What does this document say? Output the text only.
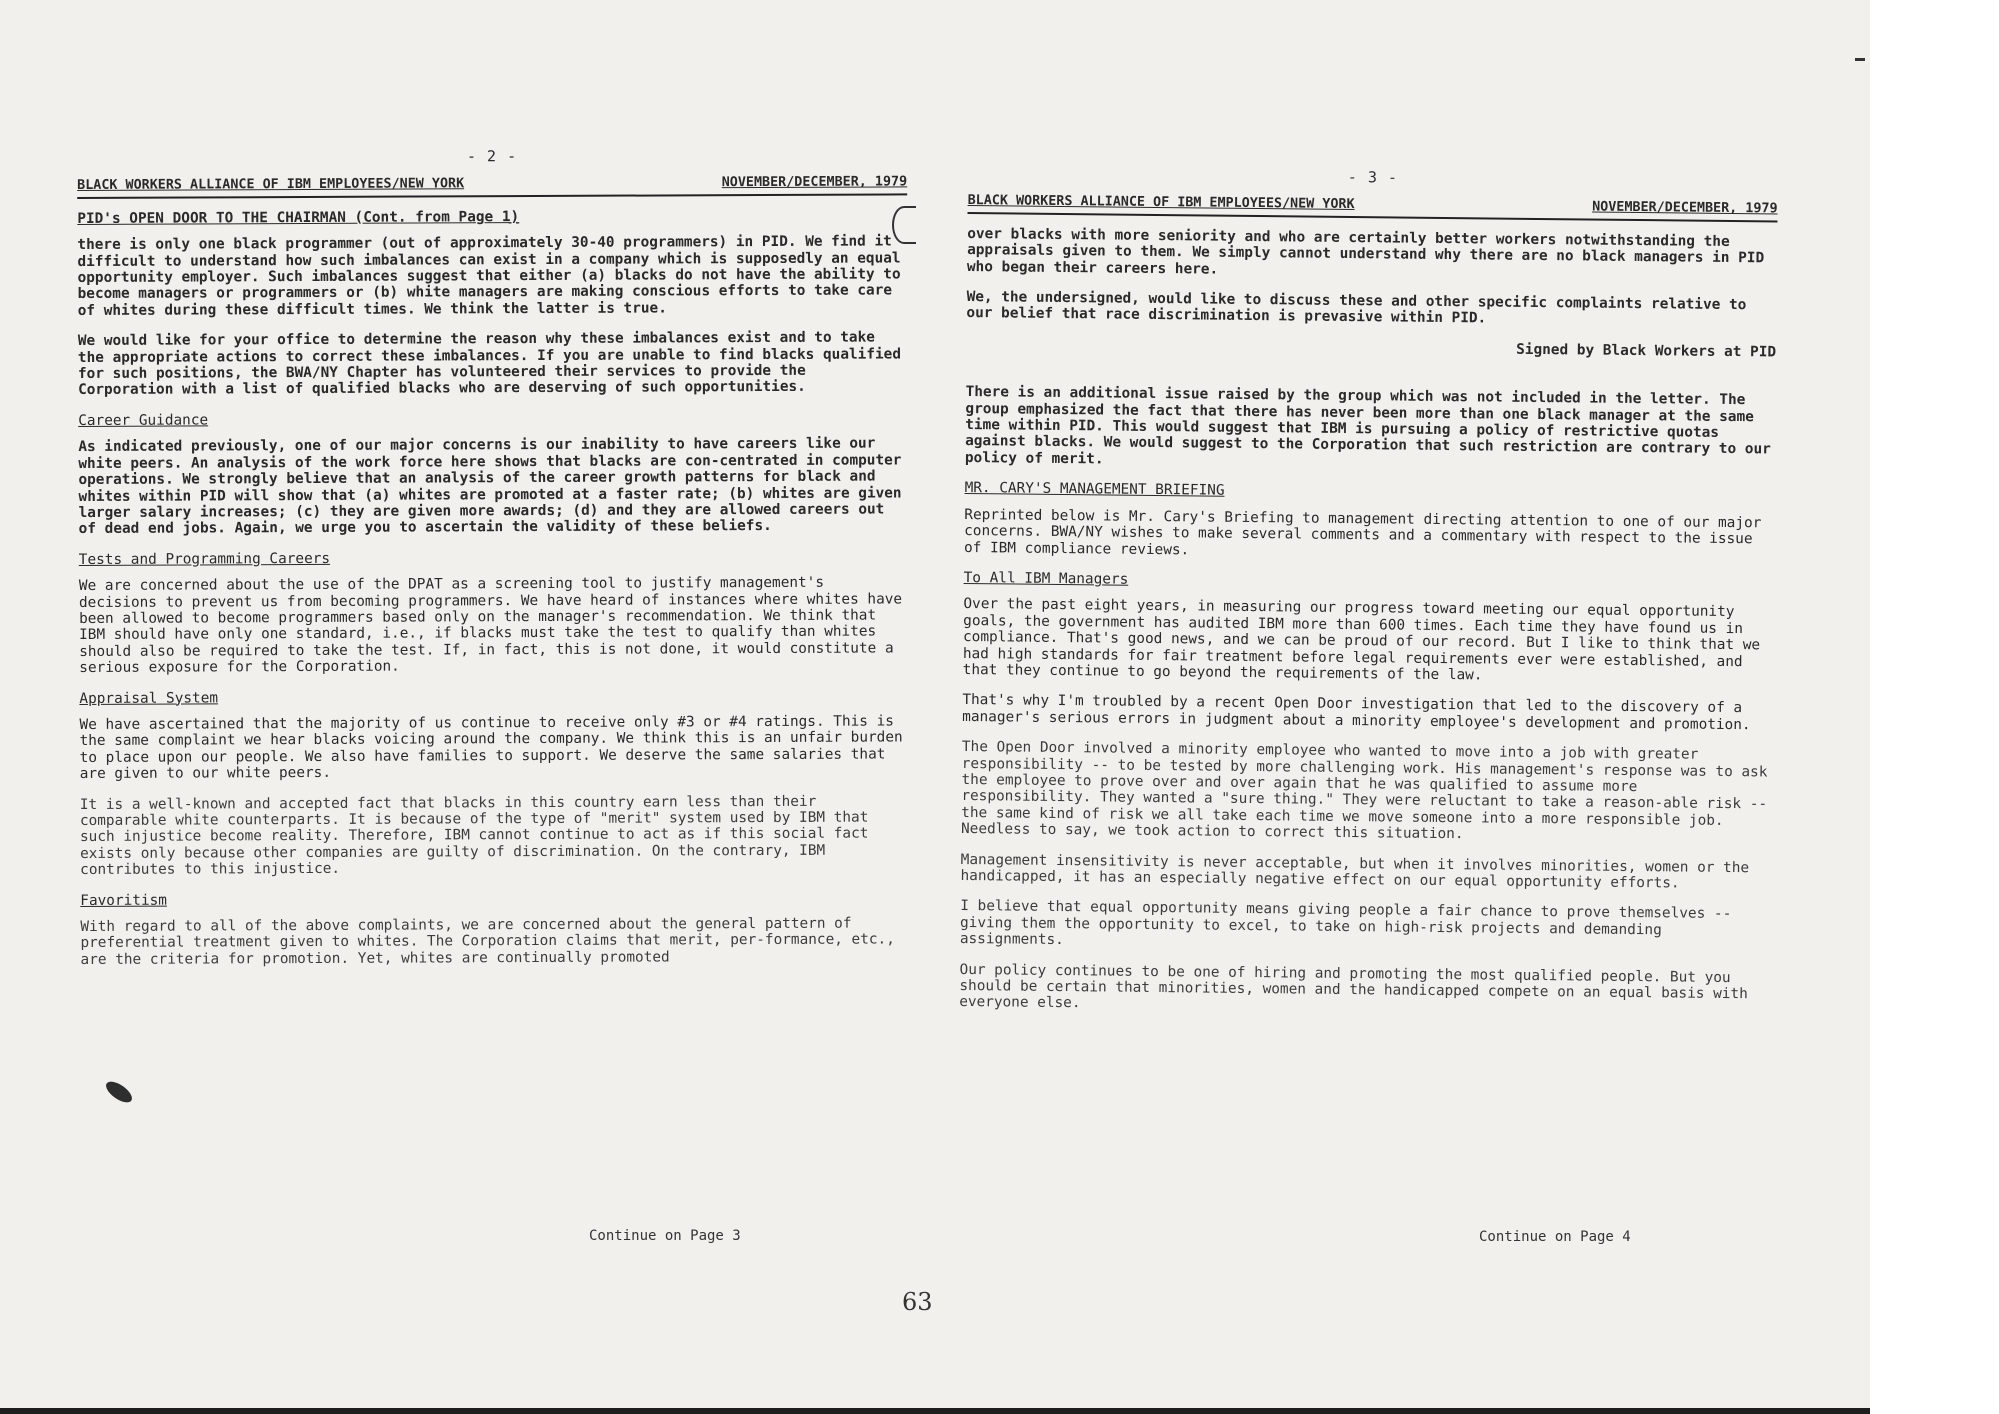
- 2 -
BLACK WORKERS ALLIANCE OF IBM EMPLOYEES/NEW YORK	NOVEMBER/DECEMBER, 1979
PID's OPEN DOOR TO THE CHAIRMAN (Cont. from Page 1)

there is only one black programmer (out of approximately 30-40 programmers) in PID. We find it difficult to understand how such imbalances can exist in a company which is supposedly an equal opportunity employer. Such imbalances suggest that either (a) blacks do not have the ability to become managers or programmers or (b) white managers are making conscious efforts to take care of whites during these difficult times. We think the latter is true.

We would like for your office to determine the reason why these imbalances exist and to take the appropriate actions to correct these imbalances. If you are unable to find blacks qualified for such positions, the BWA/NY Chapter has volunteered their services to provide the Corporation with a list of qualified blacks who are deserving of such opportunities.

Career Guidance

As indicated previously, one of our major concerns is our inability to have careers like our white peers. An analysis of the work force here shows that blacks are con-centrated in computer operations. We strongly believe that an analysis of the career growth patterns for black and whites within PID will show that (a) whites are promoted at a faster rate; (b) whites are given larger salary increases; (c) they are given more awards; (d) and they are allowed careers out of dead end jobs. Again, we urge you to ascertain the validity of these beliefs.

Tests and Programming Careers

We are concerned about the use of the DPAT as a screening tool to justify management's decisions to prevent us from becoming programmers. We have heard of instances where whites have been allowed to become programmers based only on the manager's recommendation. We think that IBM should have only one standard, i.e., if blacks must take the test to qualify than whites should also be required to take the test. If, in fact, this is not done, it would constitute a serious exposure for the Corporation.

Appraisal System

We have ascertained that the majority of us continue to receive only #3 or #4 ratings. This is the same complaint we hear blacks voicing around the company. We think this is an unfair burden to place upon our people. We also have families to support. We deserve the same salaries that are given to our white peers.

It is a well-known and accepted fact that blacks in this country earn less than their comparable white counterparts. It is because of the type of "merit" system used by IBM that such injustice become reality. Therefore, IBM cannot continue to act as if this social fact exists only because other companies are guilty of discrimination. On the contrary, IBM contributes to this injustice.

Favoritism

With regard to all of the above complaints, we are concerned about the general pattern of preferential treatment given to whites. The Corporation claims that merit, per-formance, etc., are the criteria for promotion. Yet, whites are continually promoted

Continue on Page 3
- 3 -
BLACK WORKERS ALLIANCE OF IBM EMPLOYEES/NEW YORK	NOVEMBER/DECEMBER, 1979

over blacks with more seniority and who are certainly better workers notwithstanding the appraisals given to them. We simply cannot understand why there are no black managers in PID who began their careers here.

We, the undersigned, would like to discuss these and other specific complaints relative to our belief that race discrimination is prevasive within PID.

Signed by Black Workers at PID

There is an additional issue raised by the group which was not included in the letter. The group emphasized the fact that there has never been more than one black manager at the same time within PID. This would suggest that IBM is pursuing a policy of restrictive quotas against blacks. We would suggest to the Corporation that such restriction are contrary to our policy of merit.

MR. CARY'S MANAGEMENT BRIEFING

Reprinted below is Mr. Cary's Briefing to management directing attention to one of our major concerns. BWA/NY wishes to make several comments and a commentary with respect to the issue of IBM compliance reviews.

To All IBM Managers

Over the past eight years, in measuring our progress toward meeting our equal opportunity goals, the government has audited IBM more than 600 times. Each time they have found us in compliance. That's good news, and we can be proud of our record. But I like to think that we had high standards for fair treatment before legal requirements ever were established, and that they continue to go beyond the requirements of the law.

That's why I'm troubled by a recent Open Door investigation that led to the discovery of a manager's serious errors in judgment about a minority employee's development and promotion.

The Open Door involved a minority employee who wanted to move into a job with greater responsibility -- to be tested by more challenging work. His management's response was to ask the employee to prove over and over again that he was qualified to assume more responsibility. They wanted a "sure thing." They were reluctant to take a reason-able risk -- the same kind of risk we all take each time we move someone into a more responsible job. Needless to say, we took action to correct this situation.

Management insensitivity is never acceptable, but when it involves minorities, women or the handicapped, it has an especially negative effect on our equal opportunity efforts.

I believe that equal opportunity means giving people a fair chance to prove themselves -- giving them the opportunity to excel, to take on high-risk projects and demanding assignments.

Our policy continues to be one of hiring and promoting the most qualified people. But you should be certain that minorities, women and the handicapped compete on an equal basis with everyone else.

Continue on Page 4
63
